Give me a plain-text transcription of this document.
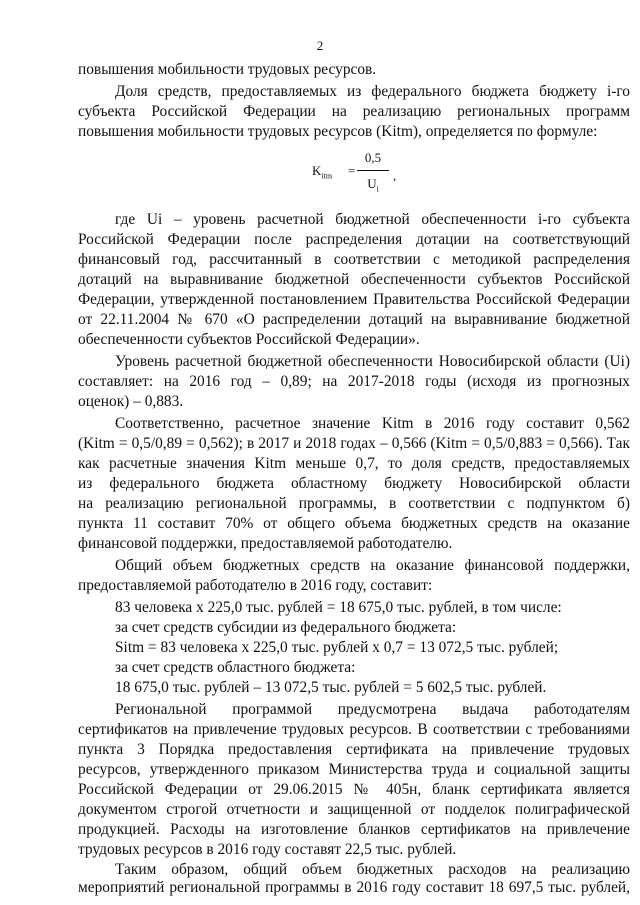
2
повышения мобильности трудовых ресурсов.
Доля средств, предоставляемых из федерального бюджета бюджету i-го
субъекта Российской Федерации на реализацию региональных программ
повышения мобильности трудовых ресурсов (Kitm), определяется по формуле:
$K_{itm}$ =
0,5
$U_i$
,
где Ui – уровень расчетной бюджетной обеспеченности i-го субъекта
Российской Федерации после распределения дотации на соответствующий
финансовый год, рассчитанный в соответствии с методикой распределения
дотаций на выравнивание бюджетной обеспеченности субъектов Российской
Федерации, утвержденной постановлением Правительства Российской Федерации
от 22.11.2004 № 670 «О распределении дотаций на выравнивание бюджетной
обеспеченности субъектов Российской Федерации».
Уровень расчетной бюджетной обеспеченности Новосибирской области (Ui)
составляет: на 2016 год – 0,89; на 2017-2018 годы (исходя из прогнозных
оценок) – 0,883.
Соответственно, расчетное значение Kitm в 2016 году составит 0,562
(Kitm = 0,5/0,89 = 0,562); в 2017 и 2018 годах – 0,566 (Kitm = 0,5/0,883 = 0,566). Так
как расчетные значения Kitm меньше 0,7, то доля средств, предоставляемых
из федерального бюджета областному бюджету Новосибирской области
на реализацию региональной программы, в соответствии с подпунктом б)
пункта 11 составит 70% от общего объема бюджетных средств на оказание
финансовой поддержки, предоставляемой работодателю.
Общий объем бюджетных средств на оказание финансовой поддержки,
предоставляемой работодателю в 2016 году, составит:
83 человека х 225,0 тыс. рублей = 18 675,0 тыс. рублей, в том числе:
за счет средств субсидии из федерального бюджета:
Sitm = 83 человека х 225,0 тыс. рублей х 0,7 = 13 072,5 тыс. рублей;
за счет средств областного бюджета:
18 675,0 тыс. рублей – 13 072,5 тыс. рублей = 5 602,5 тыс. рублей.
Региональной программой предусмотрена выдача работодателям
сертификатов на привлечение трудовых ресурсов. В соответствии с требованиями
пункта 3 Порядка предоставления сертификата на привлечение трудовых
ресурсов, утвержденного приказом Министерства труда и социальной защиты
Российской Федерации от 29.06.2015 № 405н, бланк сертификата является
документом строгой отчетности и защищенной от подделок полиграфической
продукцией. Расходы на изготовление бланков сертификатов на привлечение
трудовых ресурсов в 2016 году составят 22,5 тыс. рублей.
Таким образом, общий объем бюджетных расходов на реализацию
мероприятий региональной программы в 2016 году составит 18 697,5 тыс. рублей,
